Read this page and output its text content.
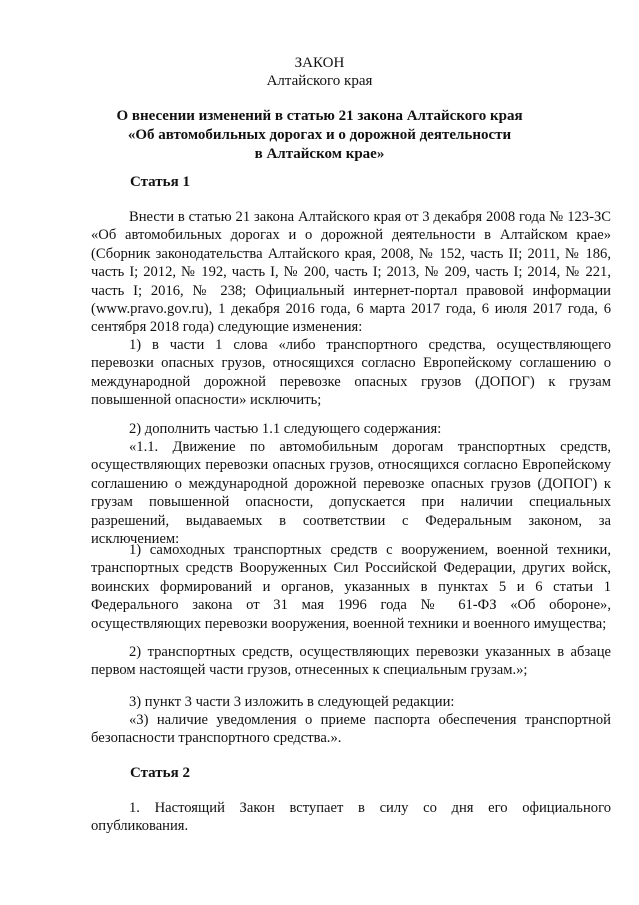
ЗАКОН
Алтайского края
О внесении изменений в статью 21 закона Алтайского края
«Об автомобильных дорогах и о дорожной деятельности
в Алтайском крае»
Статья 1

Внести в статью 21 закона Алтайского края от 3 декабря 2008 года № 123-ЗС «Об автомобильных дорогах и о дорожной деятельности в Алтайском крае» (Сборник законодательства Алтайского края, 2008, № 152, часть II; 2011, № 186, часть I; 2012, № 192, часть I, № 200, часть I; 2013, № 209, часть I; 2014, № 221, часть I; 2016, № 238; Официальный интернет-портал правовой информации (www.pravo.gov.ru), 1 декабря 2016 года, 6 марта 2017 года, 6 июля 2017 года, 6 сентября 2018 года) следующие изменения:

1) в части 1 слова «либо транспортного средства, осуществляющего перевозки опасных грузов, относящихся согласно Европейскому соглашению о международной дорожной перевозке опасных грузов (ДОПОГ) к грузам повышенной опасности» исключить;

2) дополнить частью 1.1 следующего содержания:

«1.1. Движение по автомобильным дорогам транспортных средств, осуществляющих перевозки опасных грузов, относящихся согласно Европейскому соглашению о международной дорожной перевозке опасных грузов (ДОПОГ) к грузам повышенной опасности, допускается при наличии специальных разрешений, выдаваемых в соответствии с Федеральным законом, за исключением:

1) самоходных транспортных средств с вооружением, военной техники, транспортных средств Вооруженных Сил Российской Федерации, других войск, воинских формирований и органов, указанных в пунктах 5 и 6 статьи 1 Федерального закона от 31 мая 1996 года № 61-ФЗ «Об обороне», осуществляющих перевозки вооружения, военной техники и военного имущества;

2) транспортных средств, осуществляющих перевозки указанных в абзаце первом настоящей части грузов, отнесенных к специальным грузам.»;

3) пункт 3 части 3 изложить в следующей редакции:

«3) наличие уведомления о приеме паспорта обеспечения транспортной безопасности транспортного средства.».

Статья 2

1. Настоящий Закон вступает в силу со дня его официального опубликования.
